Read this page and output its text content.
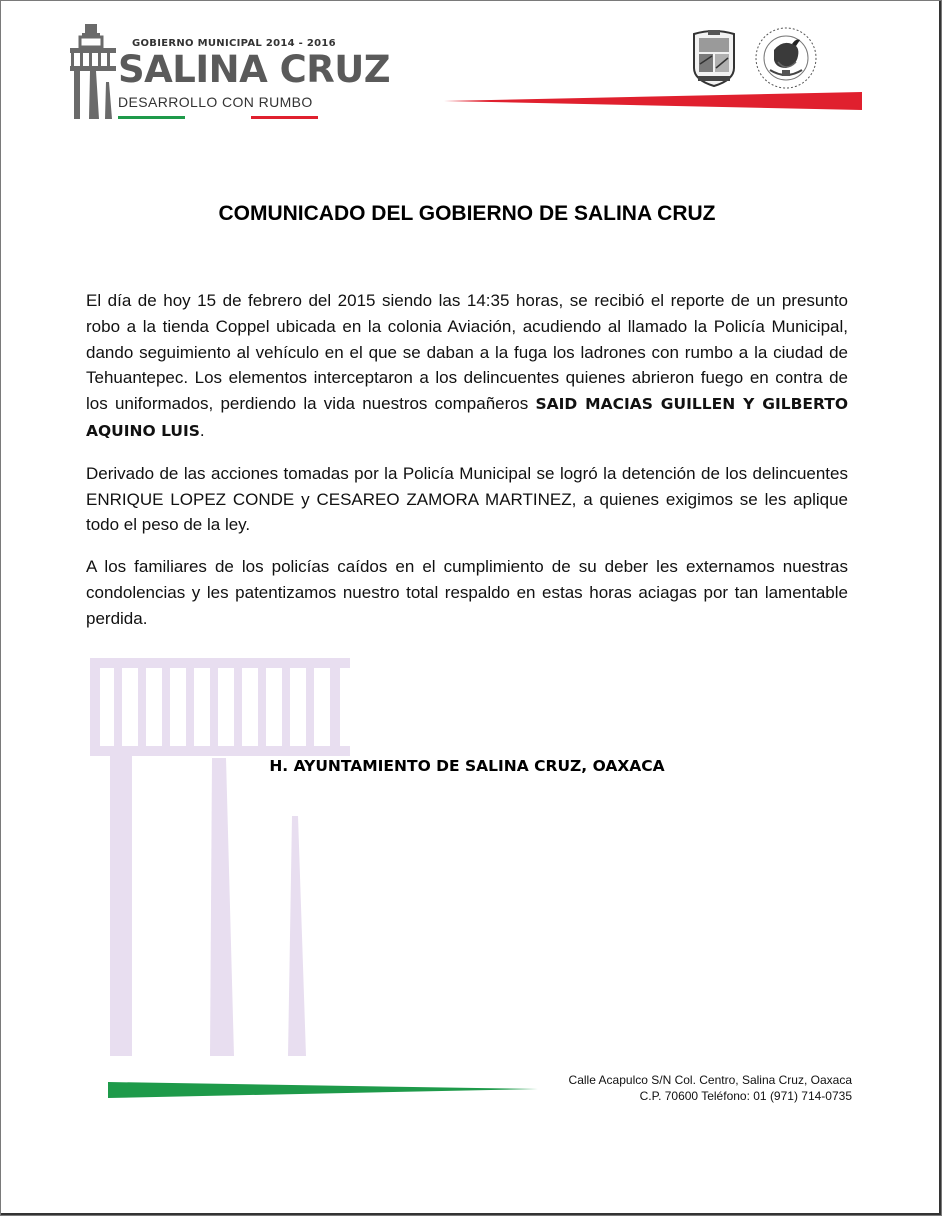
GOBIERNO MUNICIPAL 2014 - 2016
SALINA CRUZ
DESARROLLO CON RUMBO
COMUNICADO DEL GOBIERNO DE SALINA CRUZ

El día de hoy 15 de febrero del 2015 siendo las 14:35 horas, se recibió el reporte de un presunto robo a la tienda Coppel ubicada en la colonia Aviación, acudiendo al llamado la Policía Municipal, dando seguimiento al vehículo en el que se daban a la fuga los ladrones con rumbo a la ciudad de Tehuantepec. Los elementos interceptaron a los delincuentes quienes abrieron fuego en contra de los uniformados, perdiendo la vida nuestros compañeros SAID MACIAS GUILLEN Y GILBERTO AQUINO LUIS.

Derivado de las acciones tomadas por la Policía Municipal se logró la detención de los delincuentes ENRIQUE LOPEZ CONDE y CESAREO ZAMORA MARTINEZ, a quienes exigimos se les aplique todo el peso de la ley.

A los familiares de los policías caídos en el cumplimiento de su deber les externamos nuestras condolencias y les patentizamos nuestro total respaldo en estas horas aciagas por tan lamentable perdida.

H. AYUNTAMIENTO DE SALINA CRUZ, OAXACA
Calle Acapulco S/N Col. Centro, Salina Cruz, Oaxaca
C.P. 70600 Teléfono: 01 (971) 714-0735
